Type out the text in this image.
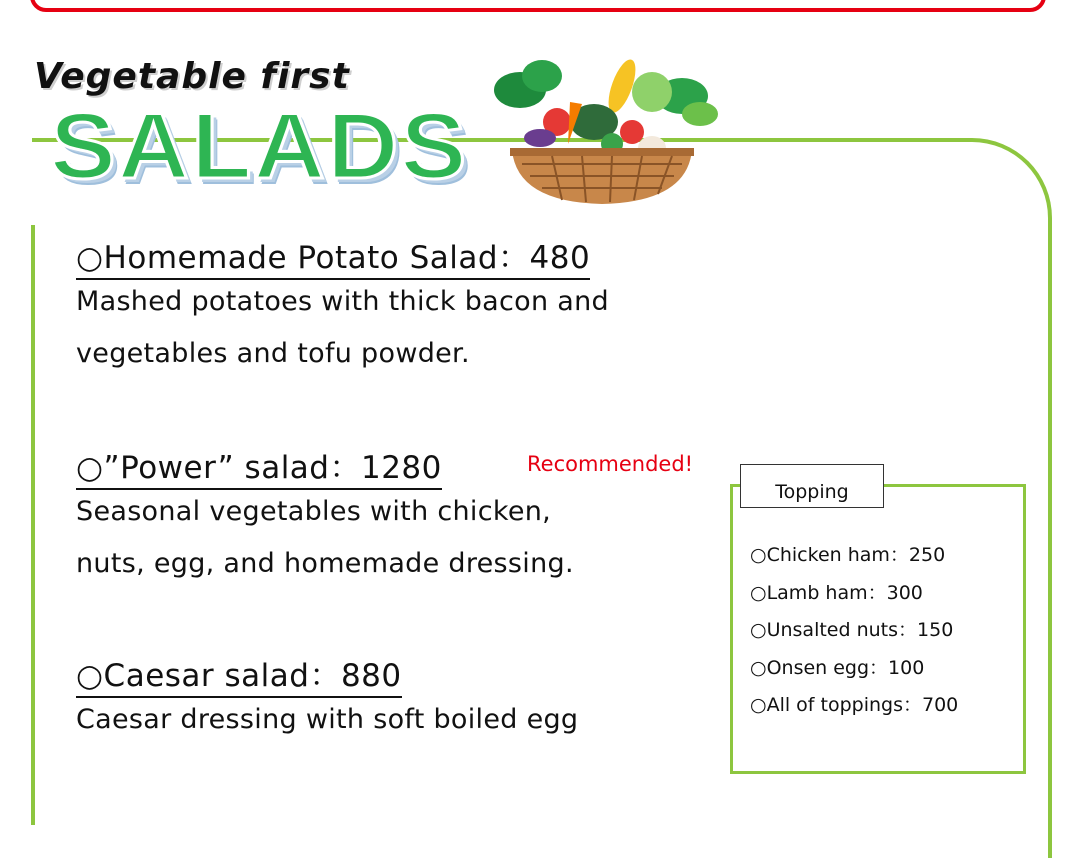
Vegetable first
SALADS
○Homemade Potato Salad：480
Mashed potatoes with thick bacon and
vegetables and tofu powder.
○”Power” salad：1280	Recommended!
Seasonal vegetables with chicken,
nuts, egg, and homemade dressing.
○Caesar salad：880
Caesar dressing with soft boiled egg
Topping
○Chicken ham：250
○Lamb ham：300
○Unsalted nuts：150
○Onsen egg：100
○All of toppings：700
